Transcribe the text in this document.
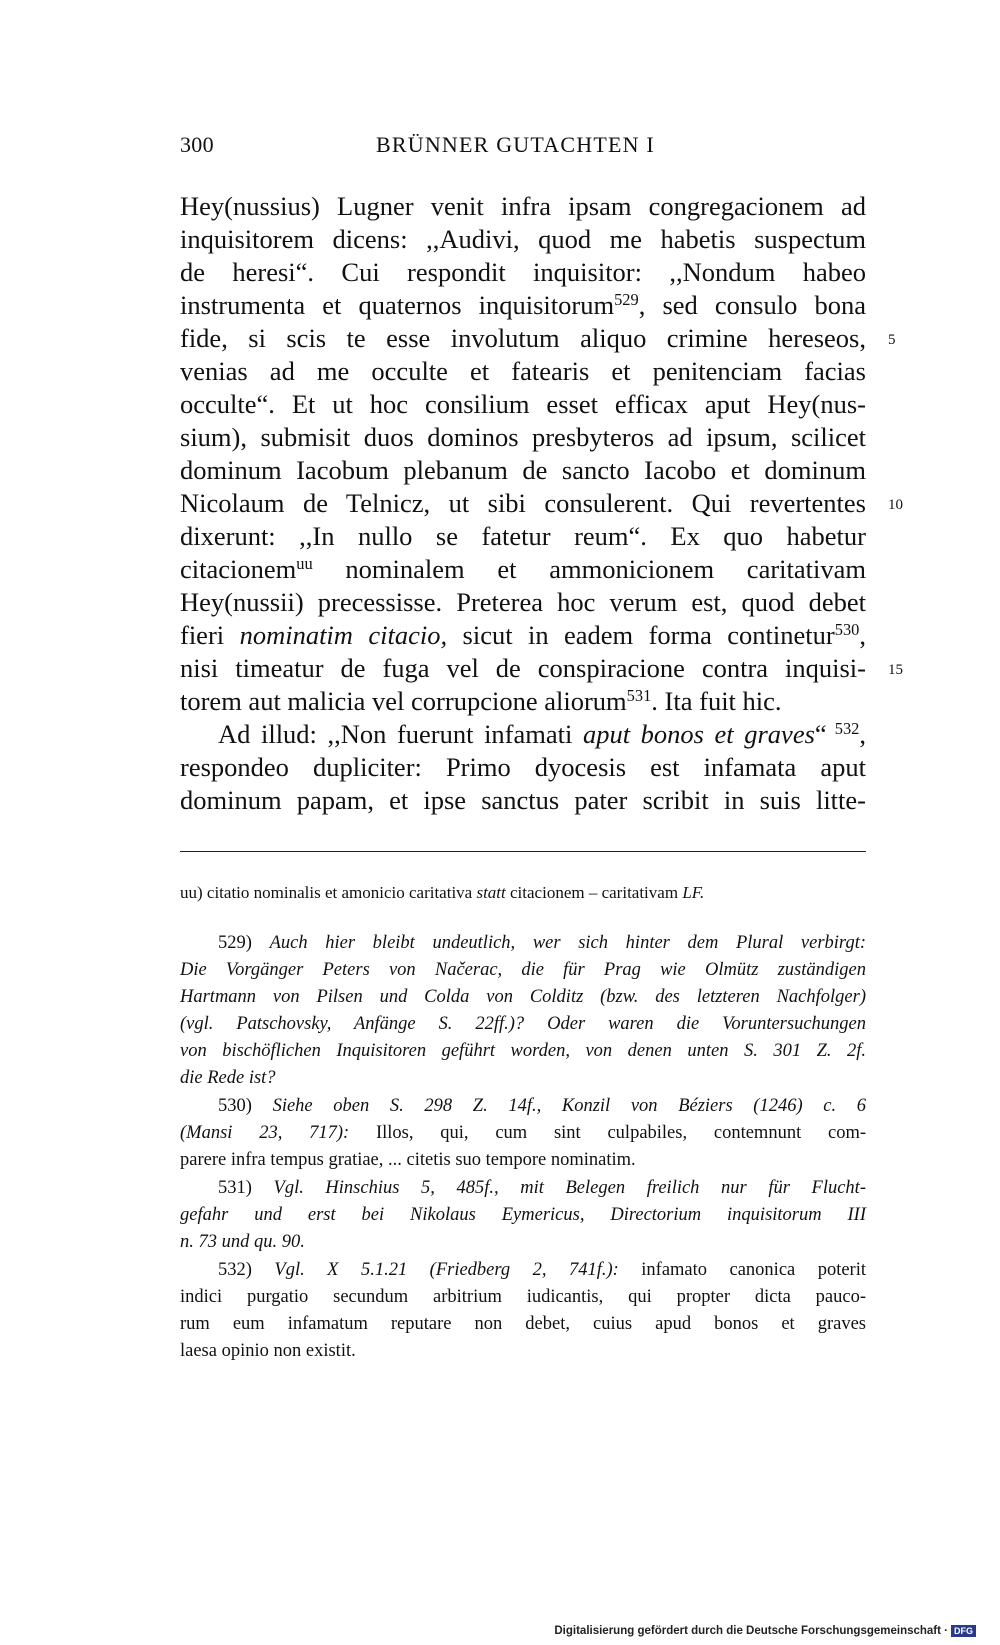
300	BRÜNNER GUTACHTEN I
Hey(nussius) Lugner venit infra ipsam congregacionem ad
inquisitorem dicens: ,,Audivi, quod me habetis suspectum
de heresi“. Cui respondit inquisitor: ,,Nondum habeo
instrumenta et quaternos inquisitorum$^{529}$, sed consulo bona
fide, si scis te esse involutum aliquo crimine hereseos,
venias ad me occulte et fatearis et penitenciam facias
occulte“. Et ut hoc consilium esset efficax aput Hey(nus-
sium), submisit duos dominos presbyteros ad ipsum, scilicet
dominum Iacobum plebanum de sancto Iacobo et dominum
Nicolaum de Telnicz, ut sibi consulerent. Qui revertentes
dixerunt: ,,In nullo se fatetur reum“. Ex quo habetur
citacionem$^{uu}$ nominalem et ammonicionem caritativam
Hey(nussii) precessisse. Preterea hoc verum est, quod debet
fieri nominatim citacio, sicut in eadem forma continetur$^{530}$,
nisi timeatur de fuga vel de conspiracione contra inquisi-
torem aut malicia vel corrupcione aliorum$^{531}$. Ita fuit hic.
Ad illud: ,,Non fuerunt infamati aput bonos et graves“ $^{532}$,
respondeo dupliciter: Primo dyocesis est infamata aput
dominum papam, et ipse sanctus pater scribit in suis litte-
5
10
15
uu) citatio nominalis et amonicio caritativa statt citacionem – caritativam LF.
529) Auch hier bleibt undeutlich, wer sich hinter dem Plural verbirgt:
Die Vorgänger Peters von Načerac, die für Prag wie Olmütz zuständigen
Hartmann von Pilsen und Colda von Colditz (bzw. des letzteren Nachfolger)
(vgl. Patschovsky, Anfänge S. 22ff.)? Oder waren die Voruntersuchungen
von bischöflichen Inquisitoren geführt worden, von denen unten S. 301 Z. 2f.
die Rede ist?
530) Siehe oben S. 298 Z. 14f., Konzil von Béziers (1246) c. 6
(Mansi 23, 717): Illos, qui, cum sint culpabiles, contemnunt com-
parere infra tempus gratiae, ... citetis suo tempore nominatim.
531) Vgl. Hinschius 5, 485f., mit Belegen freilich nur für Flucht-
gefahr und erst bei Nikolaus Eymericus, Directorium inquisitorum III
n. 73 und qu. 90.
532) Vgl. X 5.1.21 (Friedberg 2, 741f.): infamato canonica poterit
indici purgatio secundum arbitrium iudicantis, qui propter dicta pauco-
rum eum infamatum reputare non debet, cuius apud bonos et graves
laesa opinio non existit.
Digitalisierung gefördert durch die Deutsche Forschungsgemeinschaft · DFG
